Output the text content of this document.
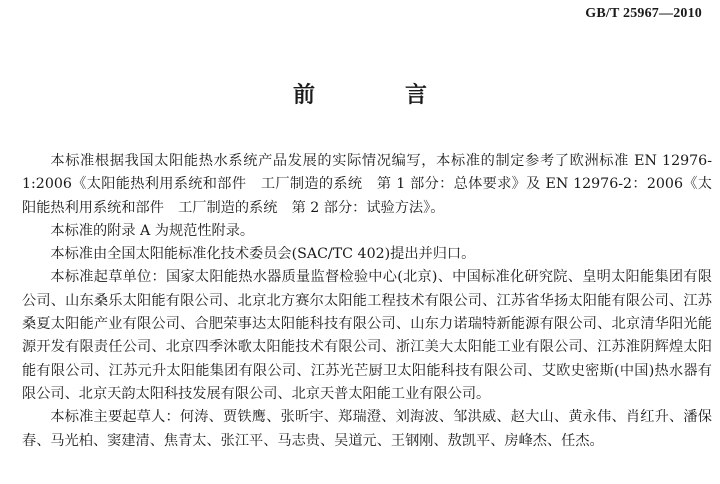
GB/T 25967—2010
前　言

本标准根据我国太阳能热水系统产品发展的实际情况编写，本标准的制定参考了欧洲标准 EN 12976-1:2006《太阳能热利用系统和部件　工厂制造的系统　第 1 部分：总体要求》及 EN 12976-2：2006《太阳能热利用系统和部件　工厂制造的系统　第 2 部分：试验方法》。

本标准的附录 A 为规范性附录。

本标准由全国太阳能标准化技术委员会(SAC/TC 402)提出并归口。

本标准起草单位：国家太阳能热水器质量监督检验中心(北京)、中国标准化研究院、皇明太阳能集团有限公司、山东桑乐太阳能有限公司、北京北方赛尔太阳能工程技术有限公司、江苏省华扬太阳能有限公司、江苏桑夏太阳能产业有限公司、合肥荣事达太阳能科技有限公司、山东力诺瑞特新能源有限公司、北京清华阳光能源开发有限责任公司、北京四季沐歌太阳能技术有限公司、浙江美大太阳能工业有限公司、江苏淮阴辉煌太阳能有限公司、江苏元升太阳能集团有限公司、江苏光芒厨卫太阳能科技有限公司、艾欧史密斯(中国)热水器有限公司、北京天韵太阳科技发展有限公司、北京天普太阳能工业有限公司。

本标准主要起草人：何涛、贾铁鹰、张昕宇、郑瑞澄、刘海波、邹洪威、赵大山、黄永伟、肖红升、潘保春、马光柏、窦建清、焦青太、张江平、马志贵、吴道元、王钢刚、敖凯平、房峰杰、任杰。
